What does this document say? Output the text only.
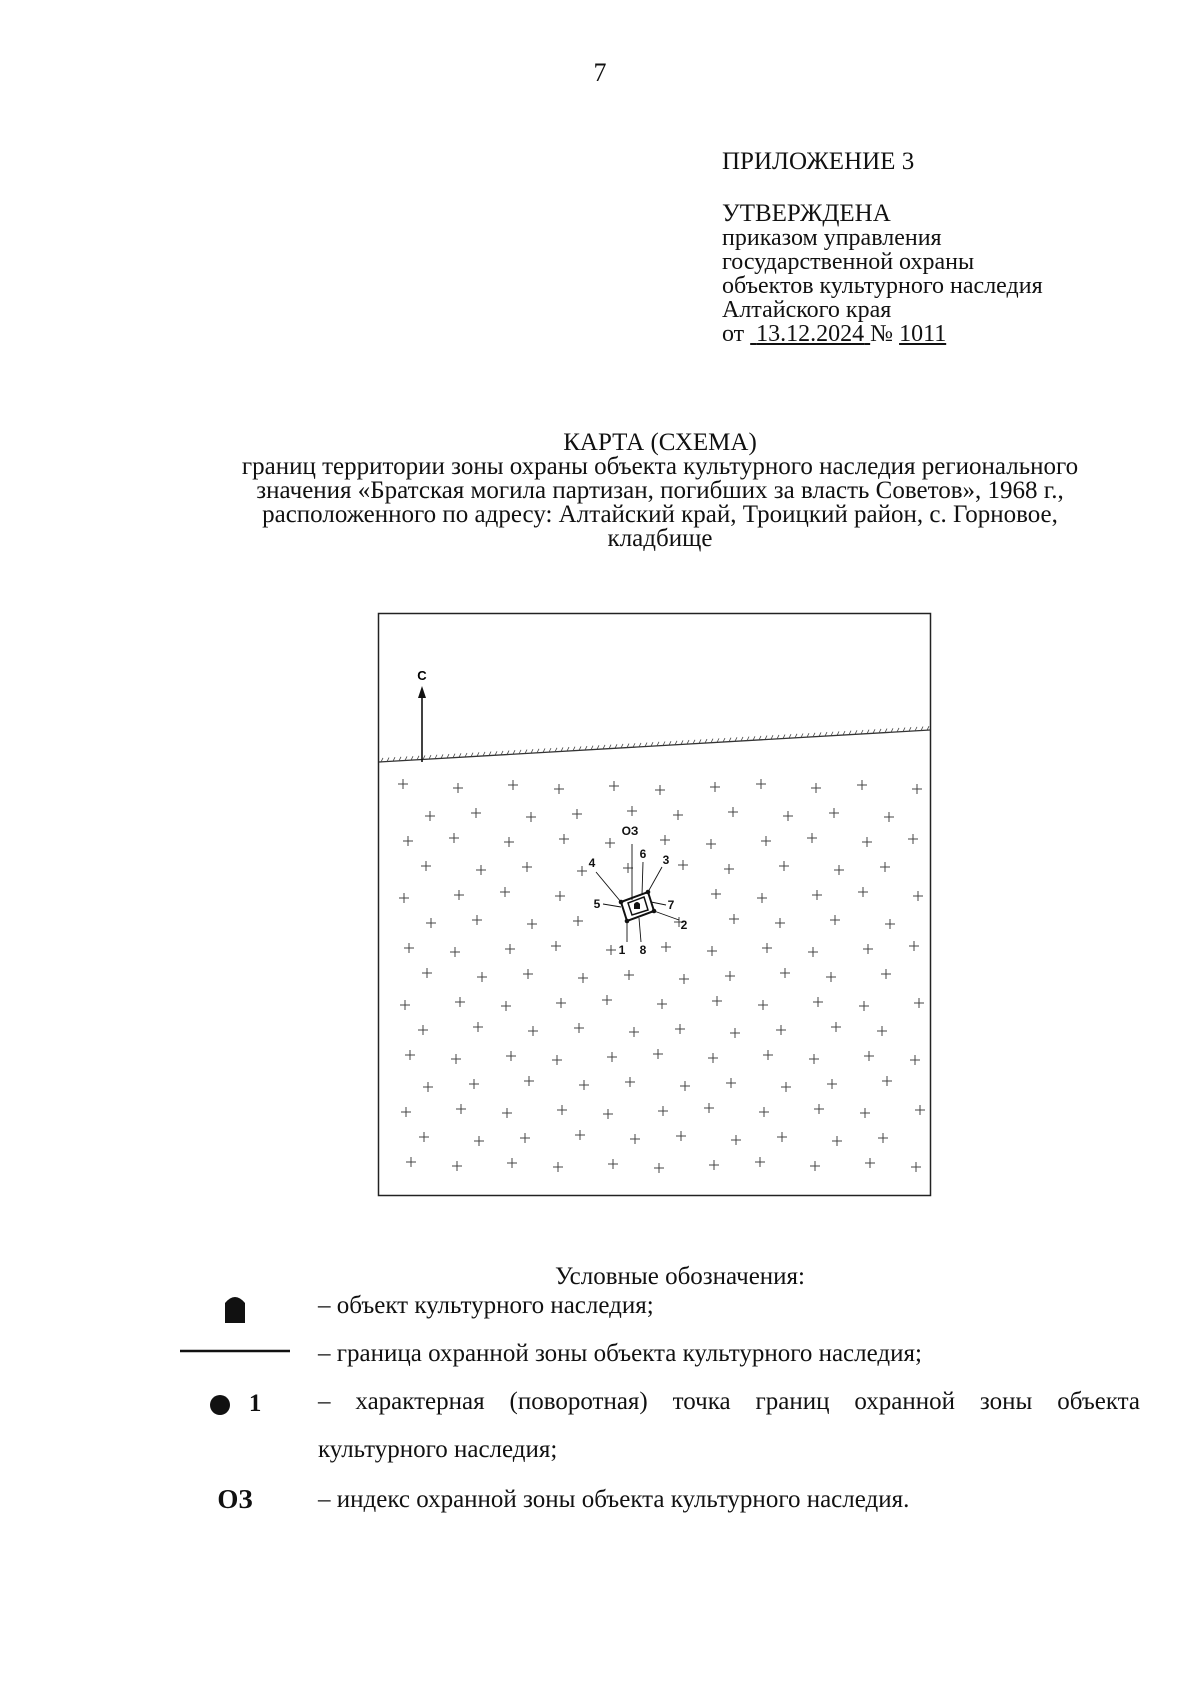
7
ПРИЛОЖЕНИЕ 3
УТВЕРЖДЕНА
приказом управления
государственной охраны
объектов культурного наследия
Алтайского края
от 13.12.2024 № 1011
КАРТА (СХЕМА)
границ территории зоны охраны объекта культурного наследия регионального
значения «Братская могила партизан, погибших за власть Советов», 1968 г.,
расположенного по адресу: Алтайский край, Троицкий район, с. Горновое,
кладбище
С
ОЗ
1
2
3
4
5
6
7
8
Условные обозначения:
– объект культурного наследия;
– граница охранной зоны объекта культурного наследия;
1	– характерная (поворотная) точка границ охранной зоны объекта
культурного наследия;
ОЗ	– индекс охранной зоны объекта культурного наследия.
